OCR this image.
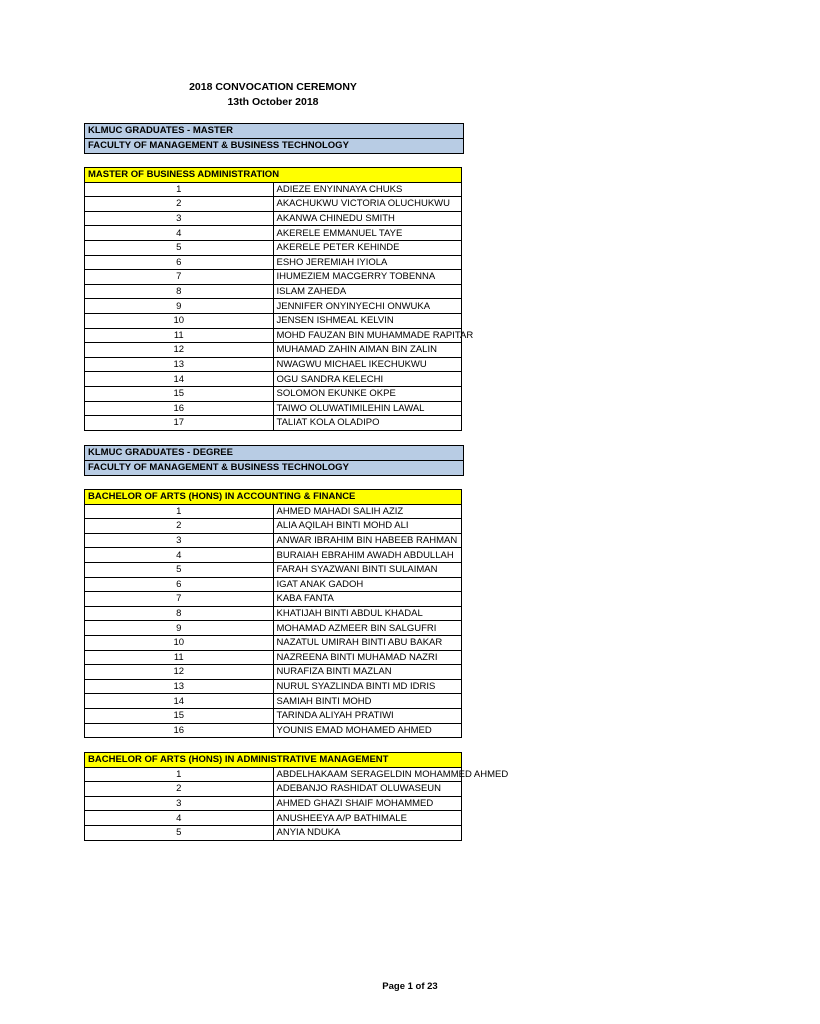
2018 CONVOCATION CEREMONY
13th October 2018
KLMUC GRADUATES - MASTER
FACULTY OF MANAGEMENT & BUSINESS TECHNOLOGY
MASTER OF BUSINESS ADMINISTRATION	
1	ADIEZE ENYINNAYA CHUKS
2	AKACHUKWU VICTORIA OLUCHUKWU
3	AKANWA CHINEDU SMITH
4	AKERELE EMMANUEL TAYE
5	AKERELE PETER KEHINDE
6	ESHO JEREMIAH IYIOLA
7	IHUMEZIEM MACGERRY TOBENNA
8	ISLAM ZAHEDA
9	JENNIFER ONYINYECHI ONWUKA
10	JENSEN ISHMEAL KELVIN
11	MOHD FAUZAN BIN MUHAMMADE RAPITAR
12	MUHAMAD ZAHIN AIMAN BIN ZALIN
13	NWAGWU MICHAEL IKECHUKWU
14	OGU SANDRA KELECHI
15	SOLOMON EKUNKE OKPE
16	TAIWO OLUWATIMILEHIN LAWAL
17	TALIAT KOLA OLADIPO
KLMUC GRADUATES - DEGREE
FACULTY OF MANAGEMENT & BUSINESS TECHNOLOGY
BACHELOR OF ARTS (HONS) IN ACCOUNTING & FINANCE	
1	AHMED MAHADI SALIH AZIZ
2	ALIA AQILAH BINTI MOHD ALI
3	ANWAR IBRAHIM BIN HABEEB RAHMAN
4	BURAIAH EBRAHIM AWADH ABDULLAH
5	FARAH SYAZWANI BINTI SULAIMAN
6	IGAT ANAK GADOH
7	KABA FANTA
8	KHATIJAH BINTI ABDUL KHADAL
9	MOHAMAD AZMEER BIN SALGUFRI
10	NAZATUL UMIRAH BINTI ABU BAKAR
11	NAZREENA BINTI MUHAMAD NAZRI
12	NURAFIZA BINTI MAZLAN
13	NURUL SYAZLINDA BINTI MD IDRIS
14	SAMIAH BINTI MOHD
15	TARINDA ALIYAH PRATIWI
16	YOUNIS EMAD MOHAMED AHMED
BACHELOR OF ARTS (HONS) IN ADMINISTRATIVE MANAGEMENT	
1	ABDELHAKAAM SERAGELDIN MOHAMMED AHMED
2	ADEBANJO RASHIDAT OLUWASEUN
3	AHMED GHAZI SHAIF MOHAMMED
4	ANUSHEEYA A/P BATHIMALE
5	ANYIA NDUKA
Page 1 of 23
